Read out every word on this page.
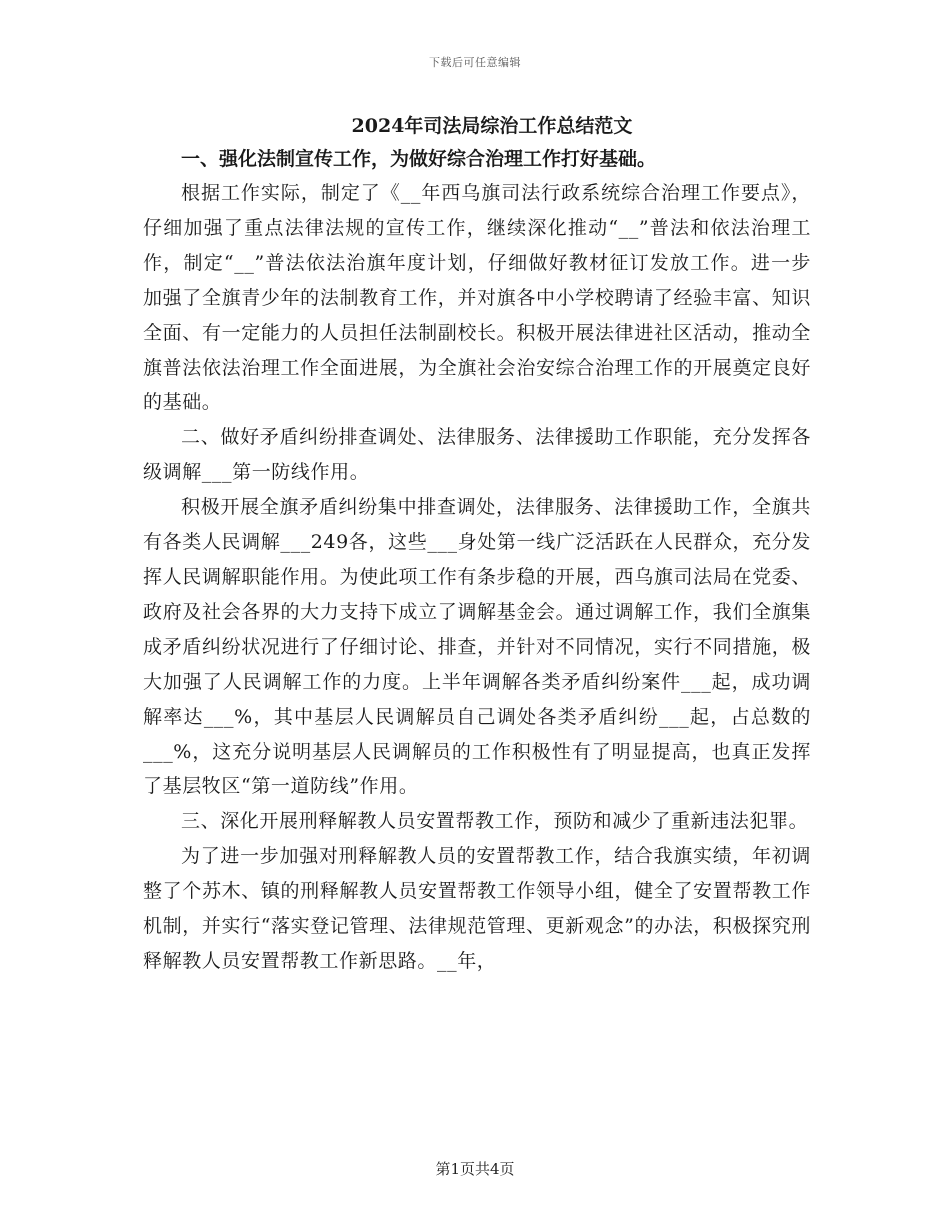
下载后可任意编辑
2024年司法局综治工作总结范文

一、强化法制宣传工作，为做好综合治理工作打好基础。

根据工作实际，制定了《__年西乌旗司法行政系统综合治理工作要点》，仔细加强了重点法律法规的宣传工作，继续深化推动“__”普法和依法治理工作，制定“__”普法依法治旗年度计划，仔细做好教材征订发放工作。进一步加强了全旗青少年的法制教育工作，并对旗各中小学校聘请了经验丰富、知识全面、有一定能力的人员担任法制副校长。积极开展法律进社区活动，推动全旗普法依法治理工作全面进展，为全旗社会治安综合治理工作的开展奠定良好的基础。

二、做好矛盾纠纷排查调处、法律服务、法律援助工作职能，充分发挥各级调解___第一防线作用。

积极开展全旗矛盾纠纷集中排查调处，法律服务、法律援助工作，全旗共有各类人民调解___249各，这些___身处第一线广泛活跃在人民群众，充分发挥人民调解职能作用。为使此项工作有条步稳的开展，西乌旗司法局在党委、政府及社会各界的大力支持下成立了调解基金会。通过调解工作，我们全旗集成矛盾纠纷状况进行了仔细讨论、排查，并针对不同情况，实行不同措施，极大加强了人民调解工作的力度。上半年调解各类矛盾纠纷案件___起，成功调解率达___%，其中基层人民调解员自己调处各类矛盾纠纷___起，占总数的___%，这充分说明基层人民调解员的工作积极性有了明显提高，也真正发挥了基层牧区“第一道防线”作用。

三、深化开展刑释解教人员安置帮教工作，预防和减少了重新违法犯罪。

为了进一步加强对刑释解教人员的安置帮教工作，结合我旗实绩，年初调整了个苏木、镇的刑释解教人员安置帮教工作领导小组，健全了安置帮教工作机制，并实行“落实登记管理、法律规范管理、更新观念”的办法，积极探究刑释解教人员安置帮教工作新思路。__年，

第1页共4页
